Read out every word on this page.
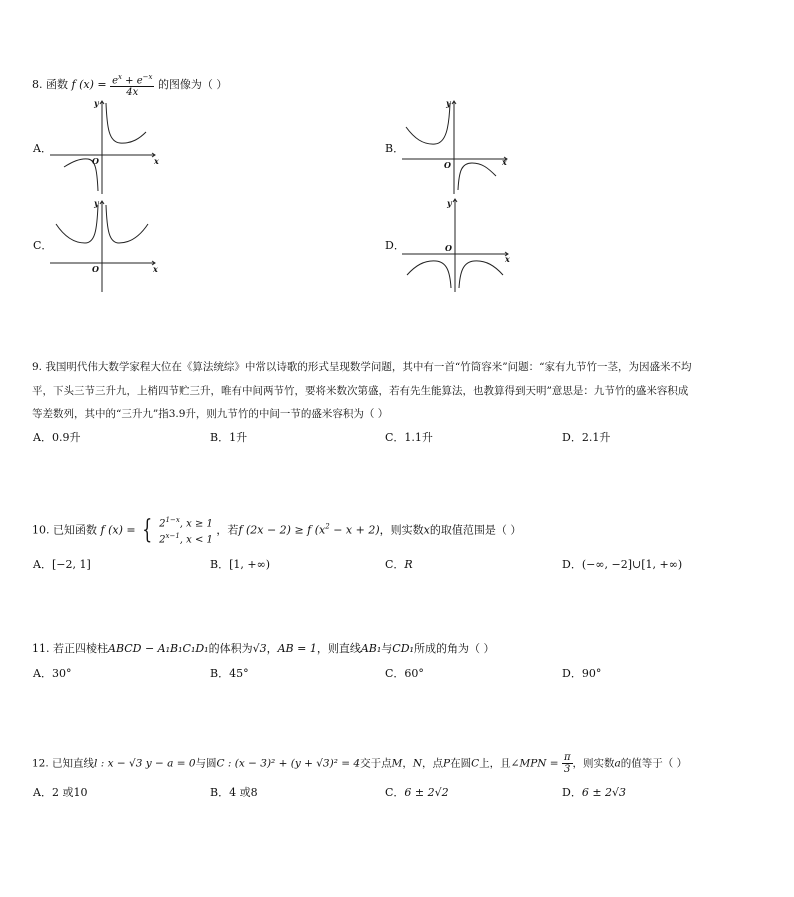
8. 函数 f $(x) = \frac{e^x + e^{-x}}{4x}$ 的图像为（ ）
A．	B．
C．	D．
x
y
O	x
y
O
x
y
O
x
y
O
9. 我国明代伟大数学家程大位在《算法统综》中常以诗歌的形式呈现数学问题，其中有一首“竹筒容米”问题：“家有九节竹一茎，为因盛米不均
平，下头三节三升九，上梢四节贮三升，唯有中间两节竹，要将米数次第盛，若有先生能算法，也教算得到天明”意思是：九节竹的盛米容积成
等差数列，其中的“三升九”指3.9升，则九节竹的中间一节的盛米容积为（ ）
A．0.9升	B．1升	C．1.1升	D．2.1升
10. 已知函数 f (x) = { $2^{1-x}$, x ≥ 1
$2^{x-1}$, x < 1
，若f (2x − 2) ≥ f $(x^2 - x + 2)$，则实数x的取值范围是（ ）
A．[−2, 1]	B．[1, +∞)	C．R	D．(−∞, −2]∪[1, +∞)
11. 若正四棱柱ABCD − A₁B₁C₁D₁的体积为√3，AB = 1，则直线AB₁与CD₁所成的角为（ ）
A．30°	B．45°	C．60°	D．90°
12. 已知直线l : x − √3 y − a = 0与圆C : (x − 3)² + (y + √3)² = 4交于点M，N，点P在圆C上，且∠MPN = $\frac{\pi}{3}$ ，则实数a的值等于（ ）
A．2 或10	B．4 或8	C．6 ± 2√2	D．6 ± 2√3
